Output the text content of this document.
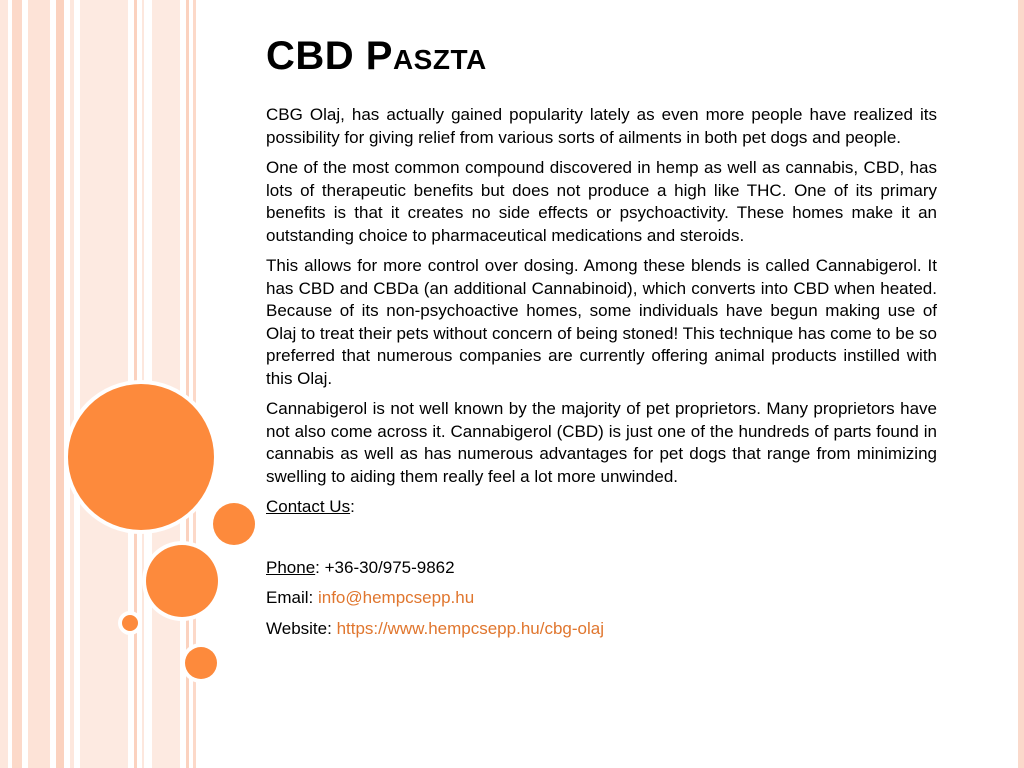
CBD Paszta

CBG Olaj, has actually gained popularity lately as even more people have realized its possibility for giving relief from various sorts of ailments in both pet dogs and people.

One of the most common compound discovered in hemp as well as cannabis, CBD, has lots of therapeutic benefits but does not produce a high like THC. One of its primary benefits is that it creates no side effects or psychoactivity. These homes make it an outstanding choice to pharmaceutical medications and steroids.

This allows for more control over dosing. Among these blends is called Cannabigerol. It has CBD and CBDa (an additional Cannabinoid), which converts into CBD when heated. Because of its non-psychoactive homes, some individuals have begun making use of Olaj to treat their pets without concern of being stoned! This technique has come to be so preferred that numerous companies are currently offering animal products instilled with this Olaj.

Cannabigerol is not well known by the majority of pet proprietors. Many proprietors have not also come across it. Cannabigerol (CBD) is just one of the hundreds of parts found in cannabis as well as has numerous advantages for pet dogs that range from minimizing swelling to aiding them really feel a lot more unwinded.

Contact Us:
Phone: +36-30/975-9862
Email: info@hempcsepp.hu
Website: https://www.hempcsepp.hu/cbg-olaj
